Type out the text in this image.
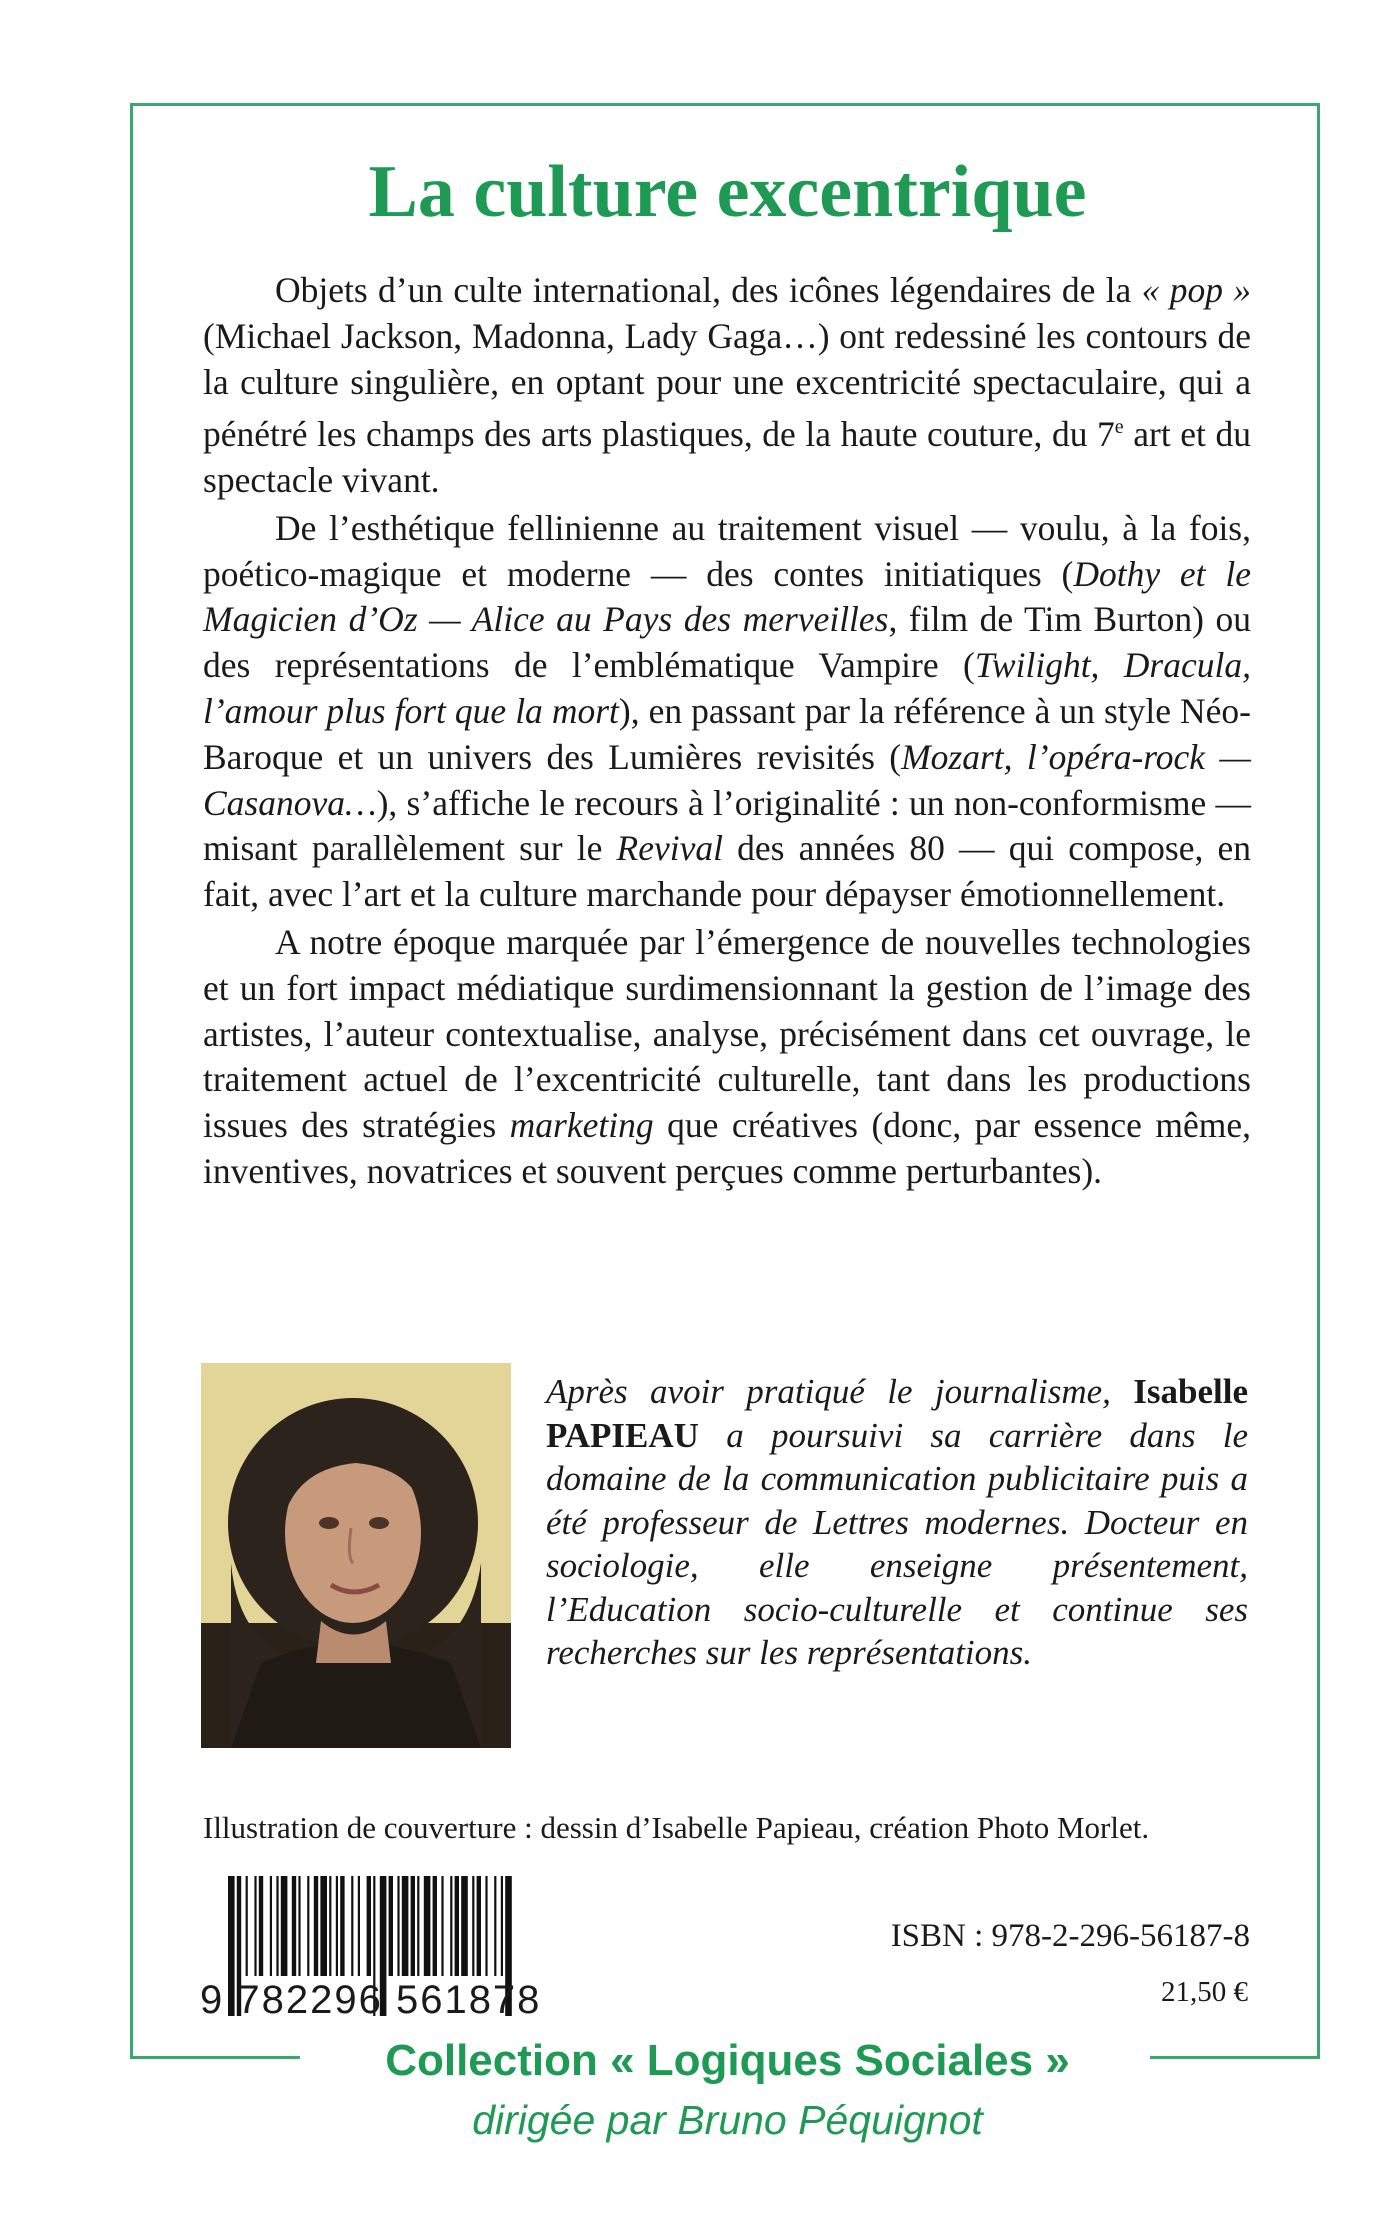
La culture excentrique

Objets d’un culte international, des icônes légendaires de la « pop » (Michael Jackson, Madonna, Lady Gaga…) ont redessiné les contours de la culture singulière, en optant pour une excentricité spectaculaire, qui a pénétré les champs des arts plastiques, de la haute couture, du 7e art et du spectacle vivant.

De l’esthétique fellinienne au traitement visuel — voulu, à la fois, poético-magique et moderne — des contes initiatiques (Dothy et le Magicien d’Oz — Alice au Pays des merveilles, film de Tim Burton) ou des représentations de l’emblématique Vampire (Twilight, Dracula, l’amour plus fort que la mort), en passant par la référence à un style Néo-Baroque et un univers des Lumières revisités (Mozart, l’opéra-rock — Casanova…), s’affiche le recours à l’originalité : un non-conformisme — misant parallèlement sur le Revival des années 80 — qui compose, en fait, avec l’art et la culture marchande pour dépayser émotionnellement.

A notre époque marquée par l’émergence de nouvelles technologies et un fort impact médiatique surdimensionnant la gestion de l’image des artistes, l’auteur contextualise, analyse, précisément dans cet ouvrage, le traitement actuel de l’excentricité culturelle, tant dans les productions issues des stratégies marketing que créatives (donc, par essence même, inventives, novatrices et souvent perçues comme perturbantes).

Après avoir pratiqué le journalisme, Isabelle PAPIEAU a poursuivi sa carrière dans le domaine de la communication publicitaire puis a été professeur de Lettres modernes. Docteur en sociologie, elle enseigne présentement, l’Education socio-culturelle et continue ses recherches sur les représentations.
Illustration de couverture : dessin d’Isabelle Papieau, création Photo Morlet.
9 782296 561878
ISBN : 978-2-296-56187-8
21,50 €
Collection « Logiques Sociales »
dirigée par Bruno Péquignot
